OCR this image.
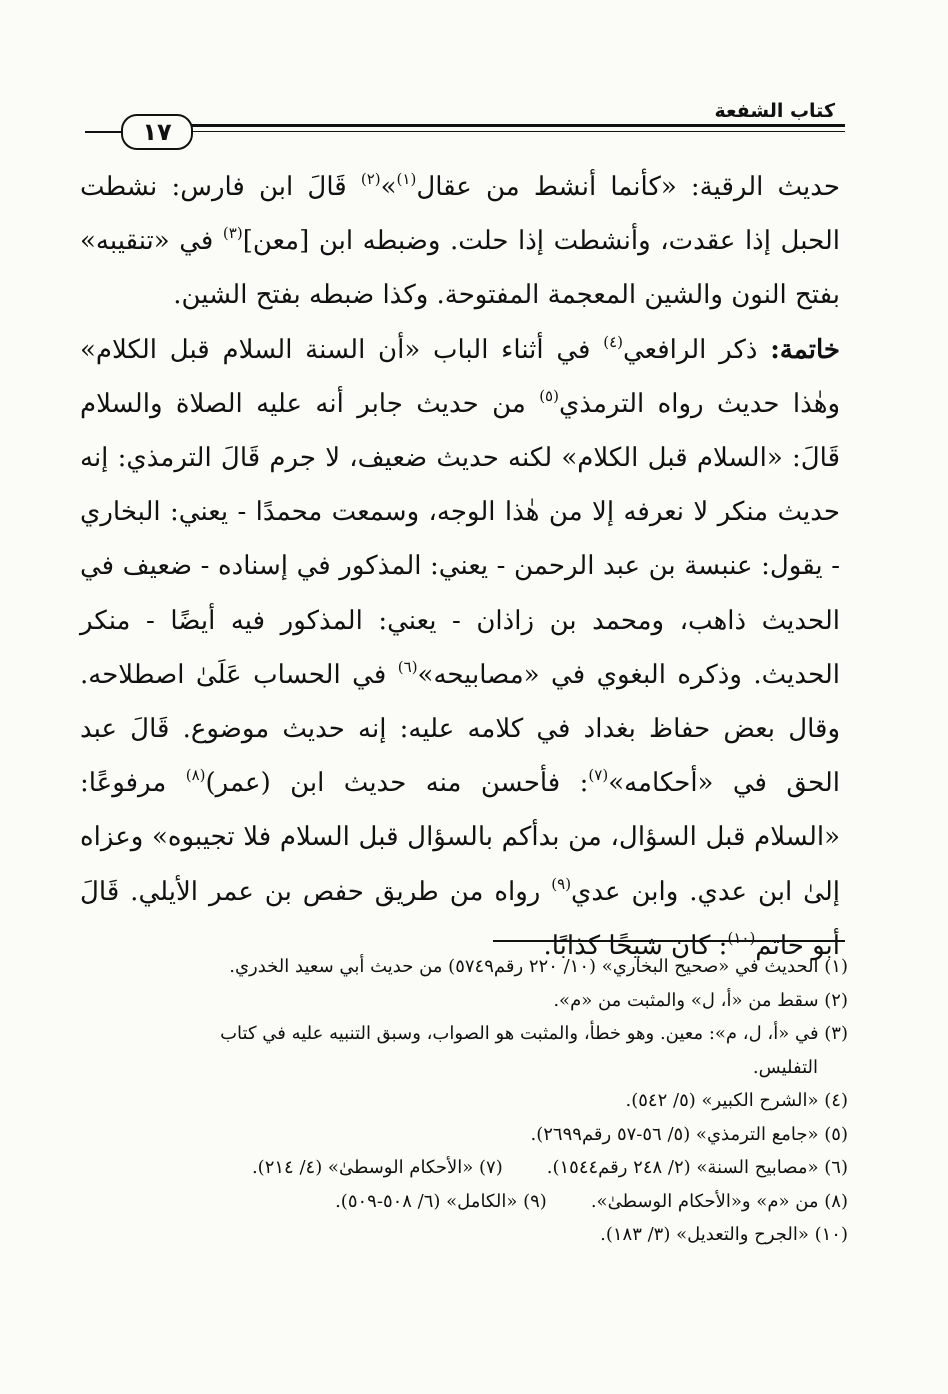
كتاب الشفعة
١٧

حديث الرقية: «كأنما أنشط من عقال$^{(١)}$»$^{(٢)}$ قَالَ ابن فارس: نشطت الحبل إذا عقدت، وأنشطت إذا حلت. وضبطه ابن [معن]$^{(٣)}$ في «تنقيبه» بفتح النون والشين المعجمة المفتوحة. وكذا ضبطه بفتح الشين.

خاتمة: ذكر الرافعي$^{(٤)}$ في أثناء الباب «أن السنة السلام قبل الكلام» وهٰذا حديث رواه الترمذي$^{(٥)}$ من حديث جابر أنه عليه الصلاة والسلام قَالَ: «السلام قبل الكلام» لكنه حديث ضعيف، لا جرم قَالَ الترمذي: إنه حديث منكر لا نعرفه إلا من هٰذا الوجه، وسمعت محمدًا - يعني: البخاري - يقول: عنبسة بن عبد الرحمن - يعني: المذكور في إسناده - ضعيف في الحديث ذاهب، ومحمد بن زاذان - يعني: المذكور فيه أيضًا - منكر الحديث. وذكره البغوي في «مصابيحه»$^{(٦)}$ في الحساب عَلَىٰ اصطلاحه. وقال بعض حفاظ بغداد في كلامه عليه: إنه حديث موضوع. قَالَ عبد الحق في «أحكامه»$^{(٧)}$: فأحسن منه حديث ابن (عمر)$^{(٨)}$ مرفوعًا: «السلام قبل السؤال، من بدأكم بالسؤال قبل السلام فلا تجيبوه» وعزاه إلىٰ ابن عدي. وابن عدي$^{(٩)}$ رواه من طريق حفص بن عمر الأيلي. قَالَ أبو حاتم$^{(١٠)}$: كان شيخًا كذابًا.

(١) الحديث في «صحيح البخاري» (١٠/ ٢٢٠ رقم٥٧٤٩) من حديث أبي سعيد الخدري.
(٢) سقط من «أ، ل» والمثبت من «م».
(٣) في «أ، ل، م»: معين. وهو خطأ، والمثبت هو الصواب، وسبق التنبيه عليه في كتاب
التفليس.
(٤) «الشرح الكبير» (٥/ ٥٤٢).
(٥) «جامع الترمذي» (٥/ ٥٦-٥٧ رقم٢٦٩٩).
(٦) «مصابيح السنة» (٢/ ٢٤٨ رقم١٥٤٤).
(٧) «الأحكام الوسطىٰ» (٤/ ٢١٤).
(٨) من «م» و«الأحكام الوسطىٰ».
(٩) «الكامل» (٦/ ٥٠٨-٥٠٩).
(١٠) «الجرح والتعديل» (٣/ ١٨٣).
